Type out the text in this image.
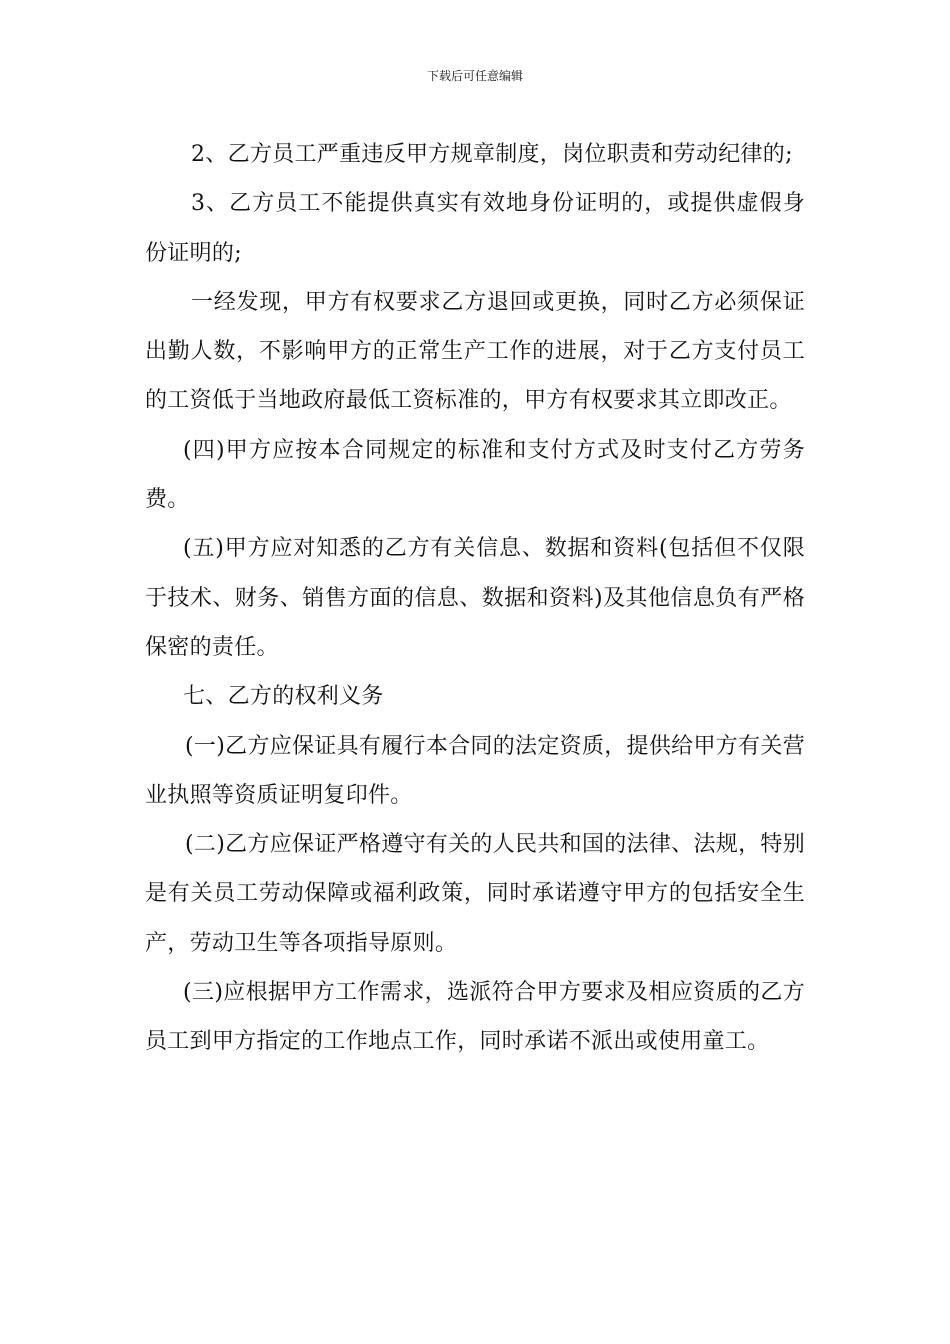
下载后可任意编辑

2、乙方员工严重违反甲方规章制度，岗位职责和劳动纪律的;

3、乙方员工不能提供真实有效地身份证明的，或提供虚假身份证明的;

一经发现，甲方有权要求乙方退回或更换，同时乙方必须保证出勤人数，不影响甲方的正常生产工作的进展，对于乙方支付员工的工资低于当地政府最低工资标准的，甲方有权要求其立即改正。

(四)甲方应按本合同规定的标准和支付方式及时支付乙方劳务费。

(五)甲方应对知悉的乙方有关信息、数据和资料(包括但不仅限于技术、财务、销售方面的信息、数据和资料)及其他信息负有严格保密的责任。

七、乙方的权利义务

(一)乙方应保证具有履行本合同的法定资质，提供给甲方有关营业执照等资质证明复印件。

(二)乙方应保证严格遵守有关的人民共和国的法律、法规，特别是有关员工劳动保障或福利政策，同时承诺遵守甲方的包括安全生产，劳动卫生等各项指导原则。

(三)应根据甲方工作需求，选派符合甲方要求及相应资质的乙方员工到甲方指定的工作地点工作，同时承诺不派出或使用童工。
